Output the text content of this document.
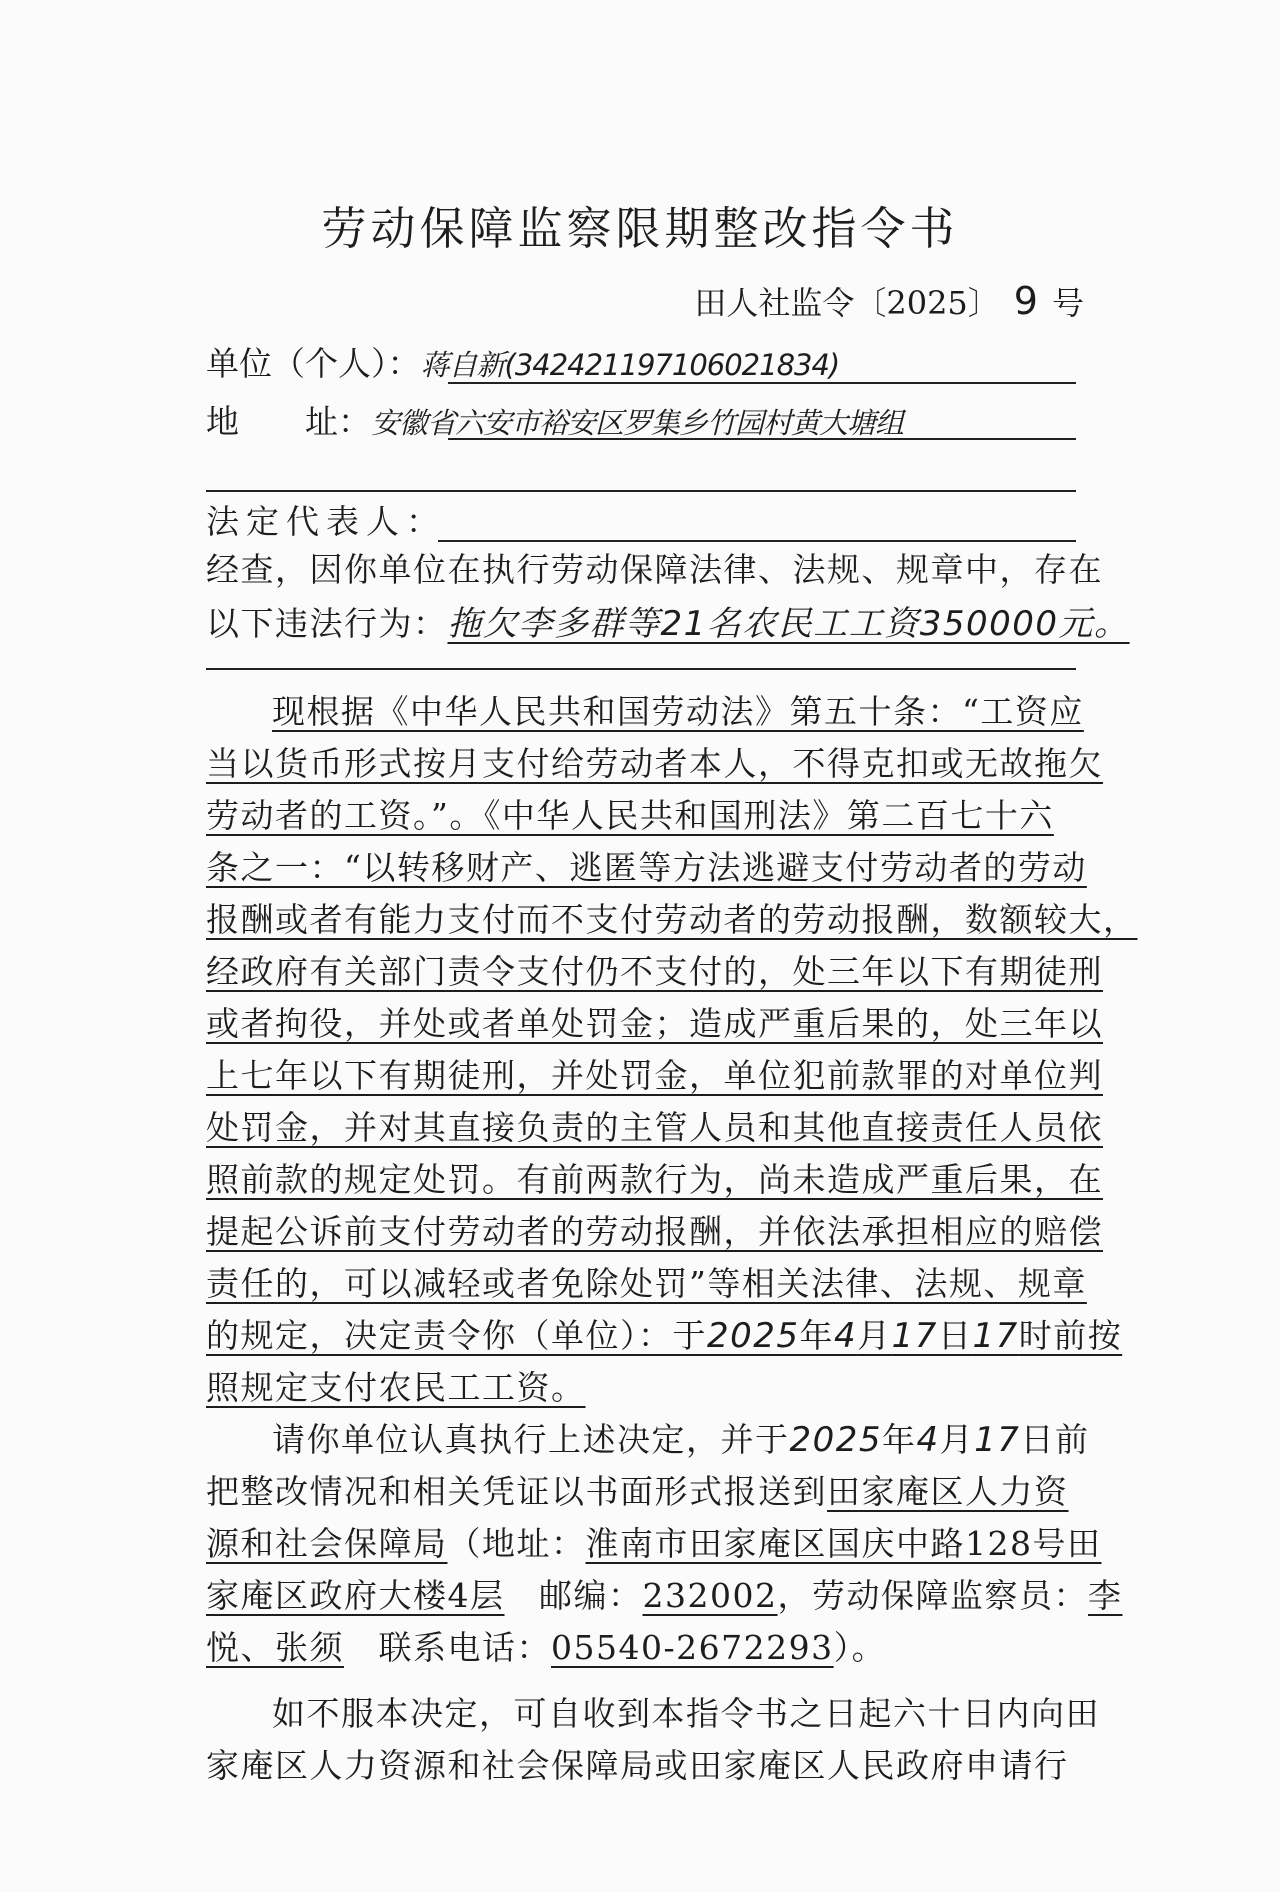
劳动保障监察限期整改指令书
田人社监令〔2025〕 9 号
单位（个人）：蒋自新(342421197106021834)
地　　址：安徽省六安市裕安区罗集乡竹园村黄大塘组
法定代表人：
经查，因你单位在执行劳动保障法律、法规、规章中，存在
以下违法行为：拖欠李多群等21名农民工工资350000元。
现根据《中华人民共和国劳动法》第五十条：“工资应
当以货币形式按月支付给劳动者本人，不得克扣或无故拖欠
劳动者的工资。”。《中华人民共和国刑法》第二百七十六
条之一：“以转移财产、逃匿等方法逃避支付劳动者的劳动
报酬或者有能力支付而不支付劳动者的劳动报酬，数额较大，
经政府有关部门责令支付仍不支付的，处三年以下有期徒刑
或者拘役，并处或者单处罚金；造成严重后果的，处三年以
上七年以下有期徒刑，并处罚金，单位犯前款罪的对单位判
处罚金，并对其直接负责的主管人员和其他直接责任人员依
照前款的规定处罚。有前两款行为，尚未造成严重后果，在
提起公诉前支付劳动者的劳动报酬，并依法承担相应的赔偿
责任的，可以减轻或者免除处罚”等相关法律、法规、规章
的规定，决定责令你（单位）：于2025年4月17日17时前按
照规定支付农民工工资。
请你单位认真执行上述决定，并于2025年4月17日前
把整改情况和相关凭证以书面形式报送到田家庵区人力资
源和社会保障局（地址：淮南市田家庵区国庆中路128号田
家庵区政府大楼4层　邮编：232002，劳动保障监察员：李
悦、张须　联系电话：05540-2672293）。
如不服本决定，可自收到本指令书之日起六十日内向田
家庵区人力资源和社会保障局或田家庵区人民政府申请行
